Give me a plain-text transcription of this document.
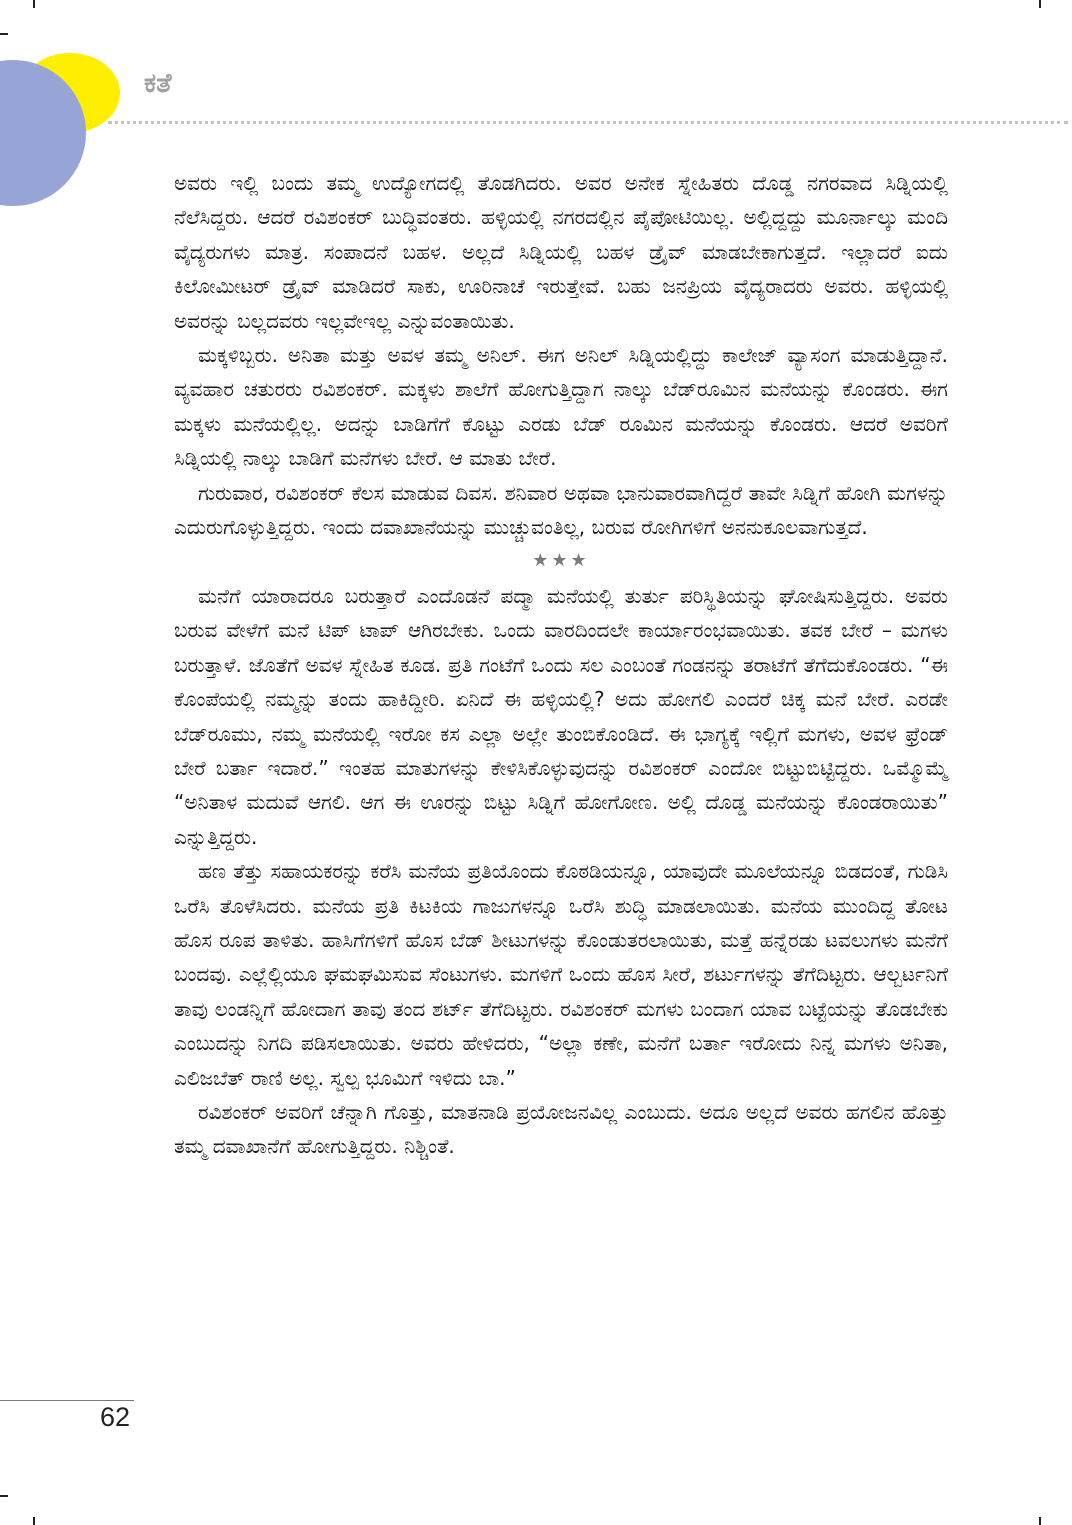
ಕತೆ

ಅವರು ಇಲ್ಲಿ ಬಂದು ತಮ್ಮ ಉದ್ಯೋಗದಲ್ಲಿ ತೊಡಗಿದರು. ಅವರ ಅನೇಕ ಸ್ನೇಹಿತರು ದೊಡ್ಡ ನಗರವಾದ ಸಿಡ್ನಿಯಲ್ಲಿ ನೆಲೆಸಿದ್ದರು. ಆದರೆ ರವಿಶಂಕರ್ ಬುದ್ಧಿವಂತರು. ಹಳ್ಳಿಯಲ್ಲಿ ನಗರದಲ್ಲಿನ ಪೈಪೋಟಿಯಿಲ್ಲ. ಅಲ್ಲಿದ್ದದ್ದು ಮೂರ್ನಾಲ್ಕು ಮಂದಿ ವೈದ್ಯರುಗಳು ಮಾತ್ರ. ಸಂಪಾದನೆ ಬಹಳ. ಅಲ್ಲದೆ ಸಿಡ್ನಿಯಲ್ಲಿ ಬಹಳ ಡ್ರೈವ್ ಮಾಡಬೇಕಾಗುತ್ತದೆ. ಇಲ್ಲಾದರೆ ಐದು ಕಿಲೋಮೀಟರ್ ಡ್ರೈವ್ ಮಾಡಿದರೆ ಸಾಕು, ಊರಿನಾಚೆ ಇರುತ್ತೇವೆ. ಬಹು ಜನಪ್ರಿಯ ವೈದ್ಯರಾದರು ಅವರು. ಹಳ್ಳಿಯಲ್ಲಿ ಅವರನ್ನು ಬಲ್ಲದವರು ಇಲ್ಲವೇಇಲ್ಲ ಎನ್ನುವಂತಾಯಿತು.

ಮಕ್ಕಳಿಬ್ಬರು. ಅನಿತಾ ಮತ್ತು ಅವಳ ತಮ್ಮ ಅನಿಲ್. ಈಗ ಅನಿಲ್ ಸಿಡ್ನಿಯಲ್ಲಿದ್ದು ಕಾಲೇಜ್ ವ್ಯಾಸಂಗ ಮಾಡುತ್ತಿದ್ದಾನೆ. ವ್ಯವಹಾರ ಚತುರರು ರವಿಶಂಕರ್. ಮಕ್ಕಳು ಶಾಲೆಗೆ ಹೋಗುತ್ತಿದ್ದಾಗ ನಾಲ್ಕು ಬೆಡ್‌ರೂಮಿನ ಮನೆಯನ್ನು ಕೊಂಡರು. ಈಗ ಮಕ್ಕಳು ಮನೆಯಲ್ಲಿಲ್ಲ. ಅದನ್ನು ಬಾಡಿಗೆಗೆ ಕೊಟ್ಟು ಎರಡು ಬೆಡ್ ರೂಮಿನ ಮನೆಯನ್ನು ಕೊಂಡರು. ಆದರೆ ಅವರಿಗೆ ಸಿಡ್ನಿಯಲ್ಲಿ ನಾಲ್ಕು ಬಾಡಿಗೆ ಮನೆಗಳು ಬೇರೆ. ಆ ಮಾತು ಬೇರೆ.

ಗುರುವಾರ, ರವಿಶಂಕರ್ ಕೆಲಸ ಮಾಡುವ ದಿವಸ. ಶನಿವಾರ ಅಥವಾ ಭಾನುವಾರವಾಗಿದ್ದರೆ ತಾವೇ ಸಿಡ್ನಿಗೆ ಹೋಗಿ ಮಗಳನ್ನು ಎದುರುಗೊಳ್ಳುತ್ತಿದ್ದರು. ಇಂದು ದವಾಖಾನೆಯನ್ನು ಮುಚ್ಚುವಂತಿಲ್ಲ, ಬರುವ ರೋಗಿಗಳಿಗೆ ಅನನುಕೂಲವಾಗುತ್ತದೆ.

★★★

ಮನೆಗೆ ಯಾರಾದರೂ ಬರುತ್ತಾರೆ ಎಂದೊಡನೆ ಪದ್ಮಾ ಮನೆಯಲ್ಲಿ ತುರ್ತು ಪರಿಸ್ಥಿತಿಯನ್ನು ಘೋಷಿಸುತ್ತಿದ್ದರು. ಅವರು ಬರುವ ವೇಳೆಗೆ ಮನೆ ಟಿಪ್ ಟಾಪ್ ಆಗಿರಬೇಕು. ಒಂದು ವಾರದಿಂದಲೇ ಕಾರ್ಯಾರಂಭವಾಯಿತು. ತವಕ ಬೇರೆ – ಮಗಳು ಬರುತ್ತಾಳೆ. ಜೊತೆಗೆ ಅವಳ ಸ್ನೇಹಿತ ಕೂಡ. ಪ್ರತಿ ಗಂಟೆಗೆ ಒಂದು ಸಲ ಎಂಬಂತೆ ಗಂಡನನ್ನು ತರಾಟೆಗೆ ತೆಗೆದುಕೊಂಡರು. “ಈ ಕೊಂಪೆಯಲ್ಲಿ ನಮ್ಮನ್ನು ತಂದು ಹಾಕಿದ್ದೀರಿ. ಏನಿದೆ ಈ ಹಳ್ಳಿಯಲ್ಲಿ? ಅದು ಹೋಗಲಿ ಎಂದರೆ ಚಿಕ್ಕ ಮನೆ ಬೇರೆ. ಎರಡೇ ಬೆಡ್‌ರೂಮು, ನಮ್ಮ ಮನೆಯಲ್ಲಿ ಇರೋ ಕಸ ಎಲ್ಲಾ ಅಲ್ಲೇ ತುಂಬಿಕೊಂಡಿದೆ. ಈ ಭಾಗ್ಯಕ್ಕೆ ಇಲ್ಲಿಗೆ ಮಗಳು, ಅವಳ ಫ್ರೆಂಡ್ ಬೇರೆ ಬರ್ತಾ ಇದಾರೆ.” ಇಂತಹ ಮಾತುಗಳನ್ನು ಕೇಳಿಸಿಕೊಳ್ಳುವುದನ್ನು ರವಿಶಂಕರ್ ಎಂದೋ ಬಿಟ್ಟುಬಿಟ್ಟಿದ್ದರು. ಒಮ್ಮೊಮ್ಮೆ “ಅನಿತಾಳ ಮದುವೆ ಆಗಲಿ. ಆಗ ಈ ಊರನ್ನು ಬಿಟ್ಟು ಸಿಡ್ನಿಗೆ ಹೋಗೋಣ. ಅಲ್ಲಿ ದೊಡ್ಡ ಮನೆಯನ್ನು ಕೊಂಡರಾಯಿತು” ಎನ್ನುತ್ತಿದ್ದರು.

ಹಣ ತೆತ್ತು ಸಹಾಯಕರನ್ನು ಕರೆಸಿ ಮನೆಯ ಪ್ರತಿಯೊಂದು ಕೊಠಡಿಯನ್ನೂ, ಯಾವುದೇ ಮೂಲೆಯನ್ನೂ ಬಿಡದಂತೆ, ಗುಡಿಸಿ ಒರೆಸಿ ತೊಳೆಸಿದರು. ಮನೆಯ ಪ್ರತಿ ಕಿಟಕಿಯ ಗಾಜುಗಳನ್ನೂ ಒರೆಸಿ ಶುದ್ಧಿ ಮಾಡಲಾಯಿತು. ಮನೆಯ ಮುಂದಿದ್ದ ತೋಟ ಹೊಸ ರೂಪ ತಾಳಿತು. ಹಾಸಿಗೆಗಳಿಗೆ ಹೊಸ ಬೆಡ್ ಶೀಟುಗಳನ್ನು ಕೊಂಡುತರಲಾಯಿತು, ಮತ್ತೆ ಹನ್ನೆರಡು ಟವಲುಗಳು ಮನೆಗೆ ಬಂದವು. ಎಲ್ಲೆಲ್ಲಿಯೂ ಘಮಘಮಿಸುವ ಸೆಂಟುಗಳು. ಮಗಳಿಗೆ ಒಂದು ಹೊಸ ಸೀರೆ, ಶರ್ಟುಗಳನ್ನು ತೆಗೆದಿಟ್ಟರು. ಆಲ್ಬರ್ಟನಿಗೆ ತಾವು ಲಂಡನ್ನಿಗೆ ಹೋದಾಗ ತಾವು ತಂದ ಶರ್ಟ್ ತೆಗೆದಿಟ್ಟರು. ರವಿಶಂಕರ್ ಮಗಳು ಬಂದಾಗ ಯಾವ ಬಟ್ಟೆಯನ್ನು ತೊಡಬೇಕು ಎಂಬುದನ್ನು ನಿಗದಿ ಪಡಿಸಲಾಯಿತು. ಅವರು ಹೇಳಿದರು, “ಅಲ್ಲಾ ಕಣೇ, ಮನೆಗೆ ಬರ್ತಾ ಇರೋದು ನಿನ್ನ ಮಗಳು ಅನಿತಾ, ಎಲಿಜಬೆತ್ ರಾಣಿ ಅಲ್ಲ. ಸ್ವಲ್ಪ ಭೂಮಿಗೆ ಇಳಿದು ಬಾ.”

ರವಿಶಂಕರ್ ಅವರಿಗೆ ಚೆನ್ನಾಗಿ ಗೊತ್ತು, ಮಾತನಾಡಿ ಪ್ರಯೋಜನವಿಲ್ಲ ಎಂಬುದು. ಅದೂ ಅಲ್ಲದೆ ಅವರು ಹಗಲಿನ ಹೊತ್ತು ತಮ್ಮ ದವಾಖಾನೆಗೆ ಹೋಗುತ್ತಿದ್ದರು. ನಿಶ್ಚಿಂತೆ.

62
